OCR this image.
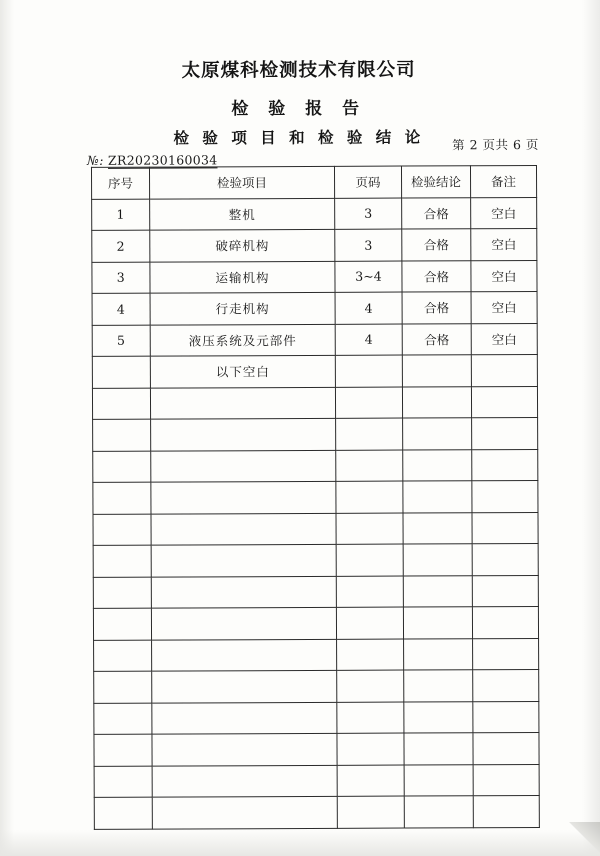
太原煤科检测技术有限公司
检 验 报 告
检 验 项 目 和 检 验 结 论	第 2 页共 6 页
№: ZR20230160034
序号	检验项目	页码	检验结论	备注
1	整机	3	合格	空白
2	破碎机构	3	合格	空白
3	运输机构	3~4	合格	空白
4	行走机构	4	合格	空白
5	液压系统及元部件	4	合格	空白
	以下空白			
